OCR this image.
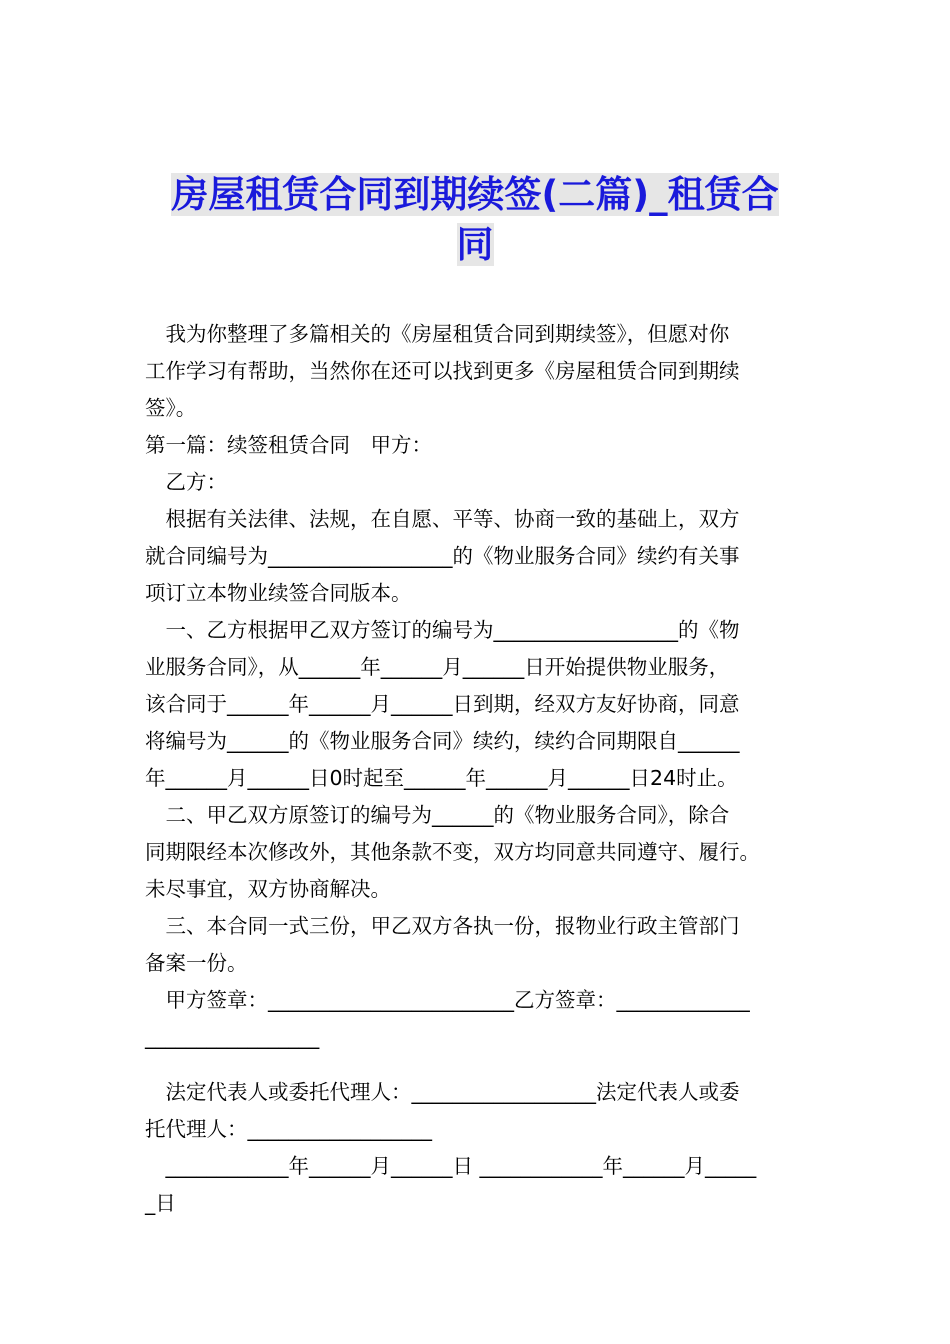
房屋租赁合同到期续签(二篇)_租赁合
同
　我为你整理了多篇相关的《房屋租赁合同到期续签》，但愿对你
工作学习有帮助，当然你在还可以找到更多《房屋租赁合同到期续
签》。
第一篇：续签租赁合同　甲方：
　乙方：
　根据有关法律、法规，在自愿、平等、协商一致的基础上，双方
就合同编号为__________________的《物业服务合同》续约有关事
项订立本物业续签合同版本。
　一、乙方根据甲乙双方签订的编号为__________________的《物
业服务合同》，从______年______月______日开始提供物业服务，
该合同于______年______月______日到期，经双方友好协商，同意
将编号为______的《物业服务合同》续约，续约合同期限自______
年______月______日0时起至______年______月______日24时止。
　二、甲乙双方原签订的编号为______的《物业服务合同》，除合
同期限经本次修改外，其他条款不变，双方均同意共同遵守、履行。
未尽事宜，双方协商解决。
　三、本合同一式三份，甲乙双方各执一份，报物业行政主管部门
备案一份。
　甲方签章：________________________乙方签章：_____________
_________________
　法定代表人或委托代理人：__________________法定代表人或委
托代理人：__________________
　____________年______月______日 ____________年______月_____
_日
